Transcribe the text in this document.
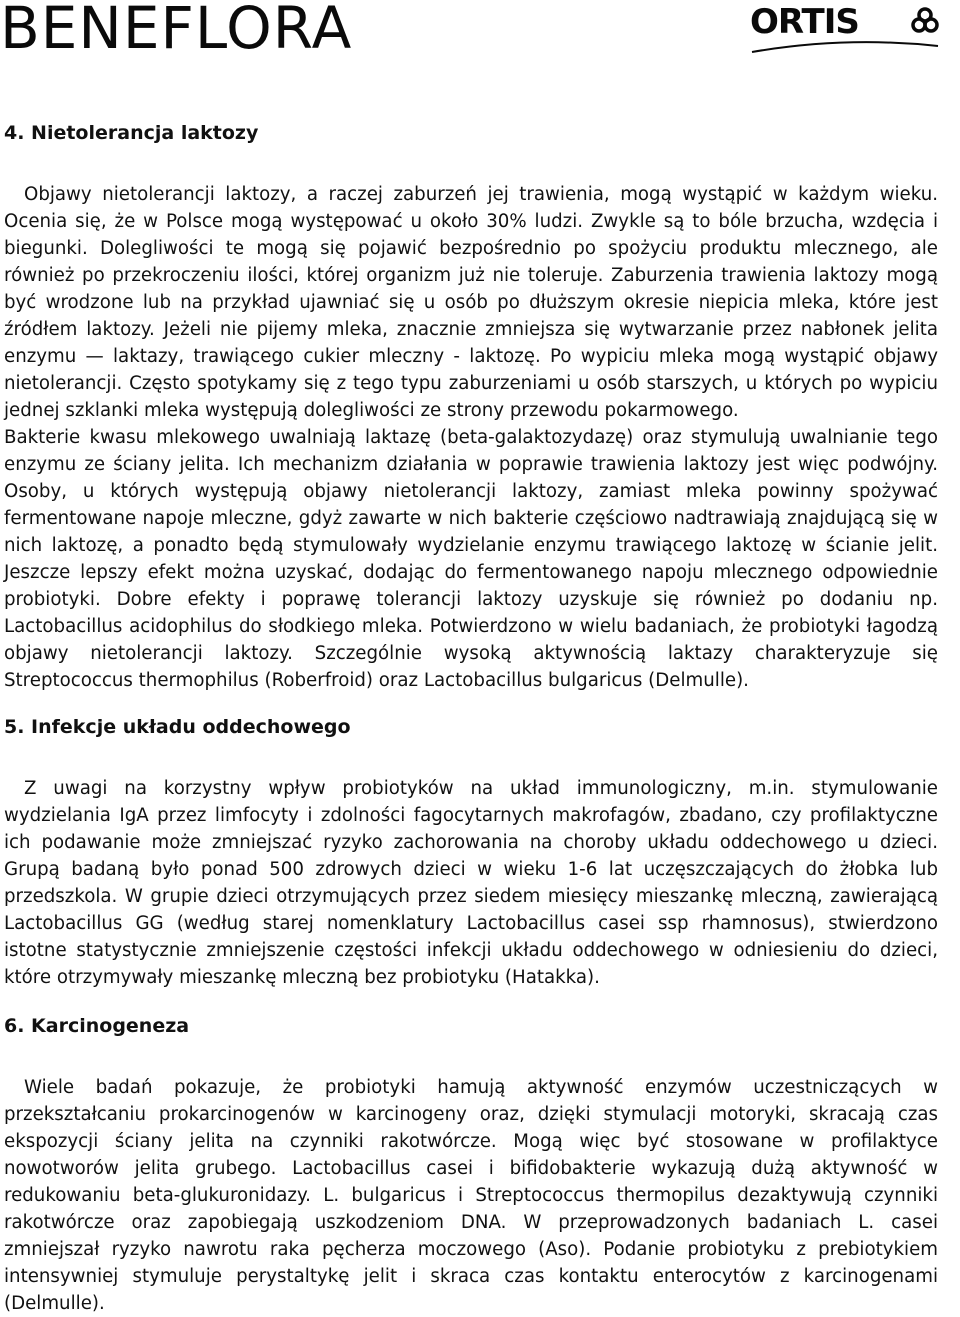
BENEFLORA	ORTIS
4. Nietolerancja laktozy

Objawy nietolerancji laktozy, a raczej zaburzeń jej trawienia, mogą wystąpić w każdym wieku. Ocenia się, że w Polsce mogą występować u około 30% ludzi. Zwykle są to bóle brzucha, wzdęcia i biegunki. Dolegliwości te mogą się pojawić bezpośrednio po spożyciu produktu mlecznego, ale również po przekroczeniu ilości, której organizm już nie toleruje. Zaburzenia trawienia laktozy mogą być wrodzone lub na przykład ujawniać się u osób po dłuższym okresie niepicia mleka, które jest źródłem laktozy. Jeżeli nie pijemy mleka, znacznie zmniejsza się wytwarzanie przez nabłonek jelita enzymu — laktazy, trawiącego cukier mleczny - laktozę. Po wypiciu mleka mogą wystąpić objawy nietolerancji. Często spotykamy się z tego typu zaburzeniami u osób starszych, u których po wypiciu jednej szklanki mleka występują dolegliwości ze strony przewodu pokarmowego.

Bakterie kwasu mlekowego uwalniają laktazę (beta-galaktozydazę) oraz stymulują uwalnianie tego enzymu ze ściany jelita. Ich mechanizm działania w poprawie trawienia laktozy jest więc podwójny. Osoby, u których występują objawy nietolerancji laktozy, zamiast mleka powinny spożywać fermentowane napoje mleczne, gdyż zawarte w nich bakterie częściowo nadtrawiają znajdującą się w nich laktozę, a ponadto będą stymulowały wydzielanie enzymu trawiącego laktozę w ścianie jelit. Jeszcze lepszy efekt można uzyskać, dodając do fermentowanego napoju mlecznego odpowiednie probiotyki. Dobre efekty i poprawę tolerancji laktozy uzyskuje się również po dodaniu np. Lactobacillus acidophilus do słodkiego mleka. Potwierdzono w wielu badaniach, że probiotyki łagodzą objawy nietolerancji laktozy. Szczególnie wysoką aktywnością laktazy charakteryzuje się Streptococcus thermophilus (Roberfroid) oraz Lactobacillus bulgaricus (Delmulle).

5. Infekcje układu oddechowego

Z uwagi na korzystny wpływ probiotyków na układ immunologiczny, m.in. stymulowanie wydzielania IgA przez limfocyty i zdolności fagocytarnych makrofagów, zbadano, czy profilaktyczne ich podawanie może zmniejszać ryzyko zachorowania na choroby układu oddechowego u dzieci. Grupą badaną było ponad 500 zdrowych dzieci w wieku 1-6 lat uczęszczających do żłobka lub przedszkola. W grupie dzieci otrzymujących przez siedem miesięcy mieszankę mleczną, zawierającą Lactobacillus GG (według starej nomenklatury Lactobacillus casei ssp rhamnosus), stwierdzono istotne statystycznie zmniejszenie częstości infekcji układu oddechowego w odniesieniu do dzieci, które otrzymywały mieszankę mleczną bez probiotyku (Hatakka).

6. Karcinogeneza

Wiele badań pokazuje, że probiotyki hamują aktywność enzymów uczestniczących w przekształcaniu prokarcinogenów w karcinogeny oraz, dzięki stymulacji motoryki, skracają czas ekspozycji ściany jelita na czynniki rakotwórcze. Mogą więc być stosowane w profilaktyce nowotworów jelita grubego. Lactobacillus casei i bifidobakterie wykazują dużą aktywność w redukowaniu beta-glukuronidazy. L. bulgaricus i Streptococcus thermopilus dezaktywują czynniki rakotwórcze oraz zapobiegają uszkodzeniom DNA. W przeprowadzonych badaniach L. casei zmniejszał ryzyko nawrotu raka pęcherza moczowego (Aso). Podanie probiotyku z prebiotykiem intensywniej stymuluje perystaltykę jelit i skraca czas kontaktu enterocytów z karcinogenami (Delmulle).
